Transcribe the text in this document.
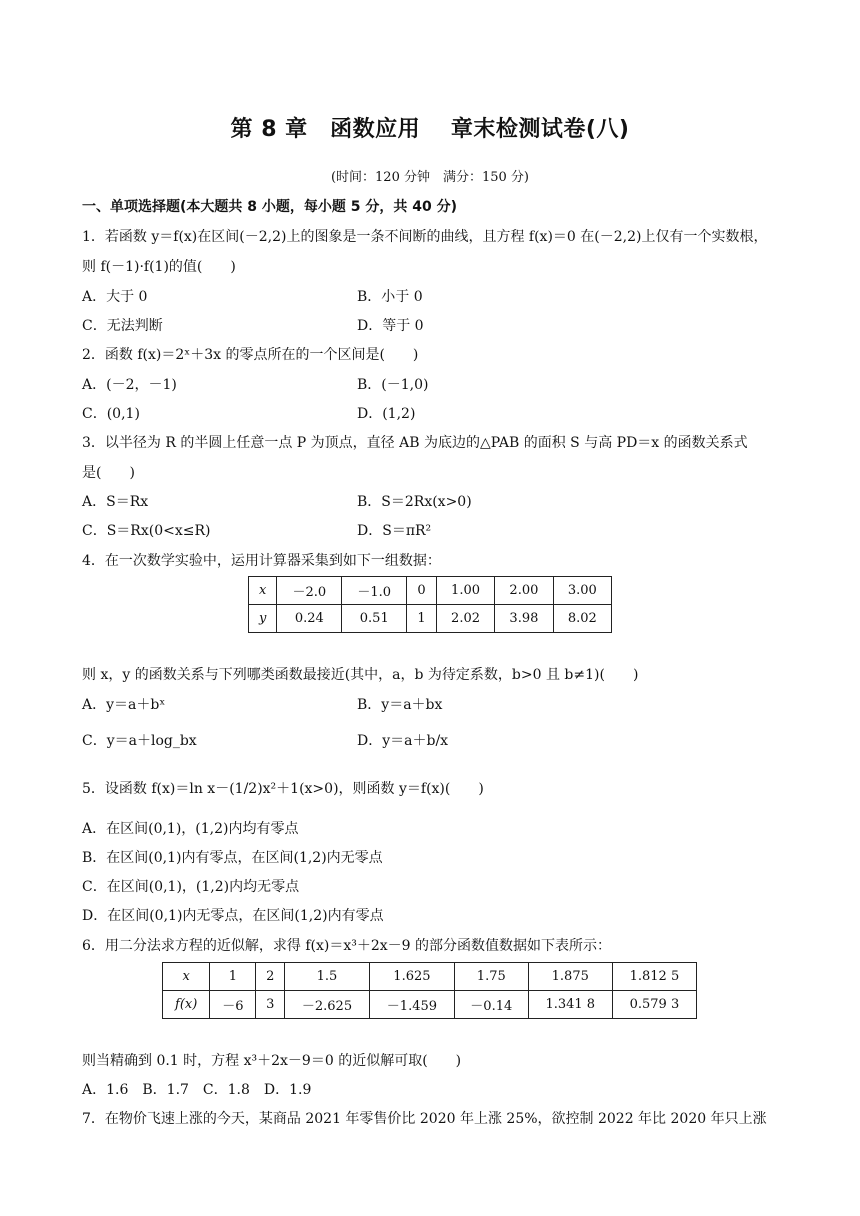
第 8 章　函数应用　 章末检测试卷(八)
(时间：120 分钟　满分：150 分)
一、单项选择题(本大题共 8 小题，每小题 5 分，共 40 分)
1．若函数 y＝f(x)在区间(－2,2)上的图象是一条不间断的曲线，且方程 f(x)＝0 在(－2,2)上仅有一个实数根，
则 f(－1)·f(1)的值(　　)
A．大于 0	B．小于 0
C．无法判断	D．等于 0
2．函数 f(x)＝2ˣ＋3x 的零点所在的一个区间是(　　)
A．(－2，－1)	B．(－1,0)
C．(0,1)	D．(1,2)
3．以半径为 R 的半圆上任意一点 P 为顶点，直径 AB 为底边的△PAB 的面积 S 与高 PD＝x 的函数关系式
是(　　)
A．S＝Rx	B．S＝2Rx(x>0)
C．S＝Rx(0<x≤R)	D．S＝πR²
4．在一次数学实验中，运用计算器采集到如下一组数据：
x	－2.0	－1.0	0	1.00	2.00	3.00
y	0.24	0.51	1	2.02	3.98	8.02
则 x，y 的函数关系与下列哪类函数最接近(其中，a，b 为待定系数，b>0 且 b≠1)(　　)
A．y＝a＋bˣ	B．y＝a＋bx
C．y＝a＋log_bx	D．y＝a＋b/x
5．设函数 f(x)＝ln x－(1/2)x²＋1(x>0)，则函数 y＝f(x)(　　)
A．在区间(0,1)，(1,2)内均有零点
B．在区间(0,1)内有零点，在区间(1,2)内无零点
C．在区间(0,1)，(1,2)内均无零点
D．在区间(0,1)内无零点，在区间(1,2)内有零点
6．用二分法求方程的近似解，求得 f(x)＝x³＋2x－9 的部分函数值数据如下表所示：
x	1	2	1.5	1.625	1.75	1.875	1.812 5
f(x)	－6	3	－2.625	－1.459	－0.14	1.341 8	0.579 3
则当精确到 0.1 时，方程 x³＋2x－9＝0 的近似解可取(　　)
A．1.6　B．1.7　C．1.8　D．1.9
7．在物价飞速上涨的今天，某商品 2021 年零售价比 2020 年上涨 25%，欲控制 2022 年比 2020 年只上涨
